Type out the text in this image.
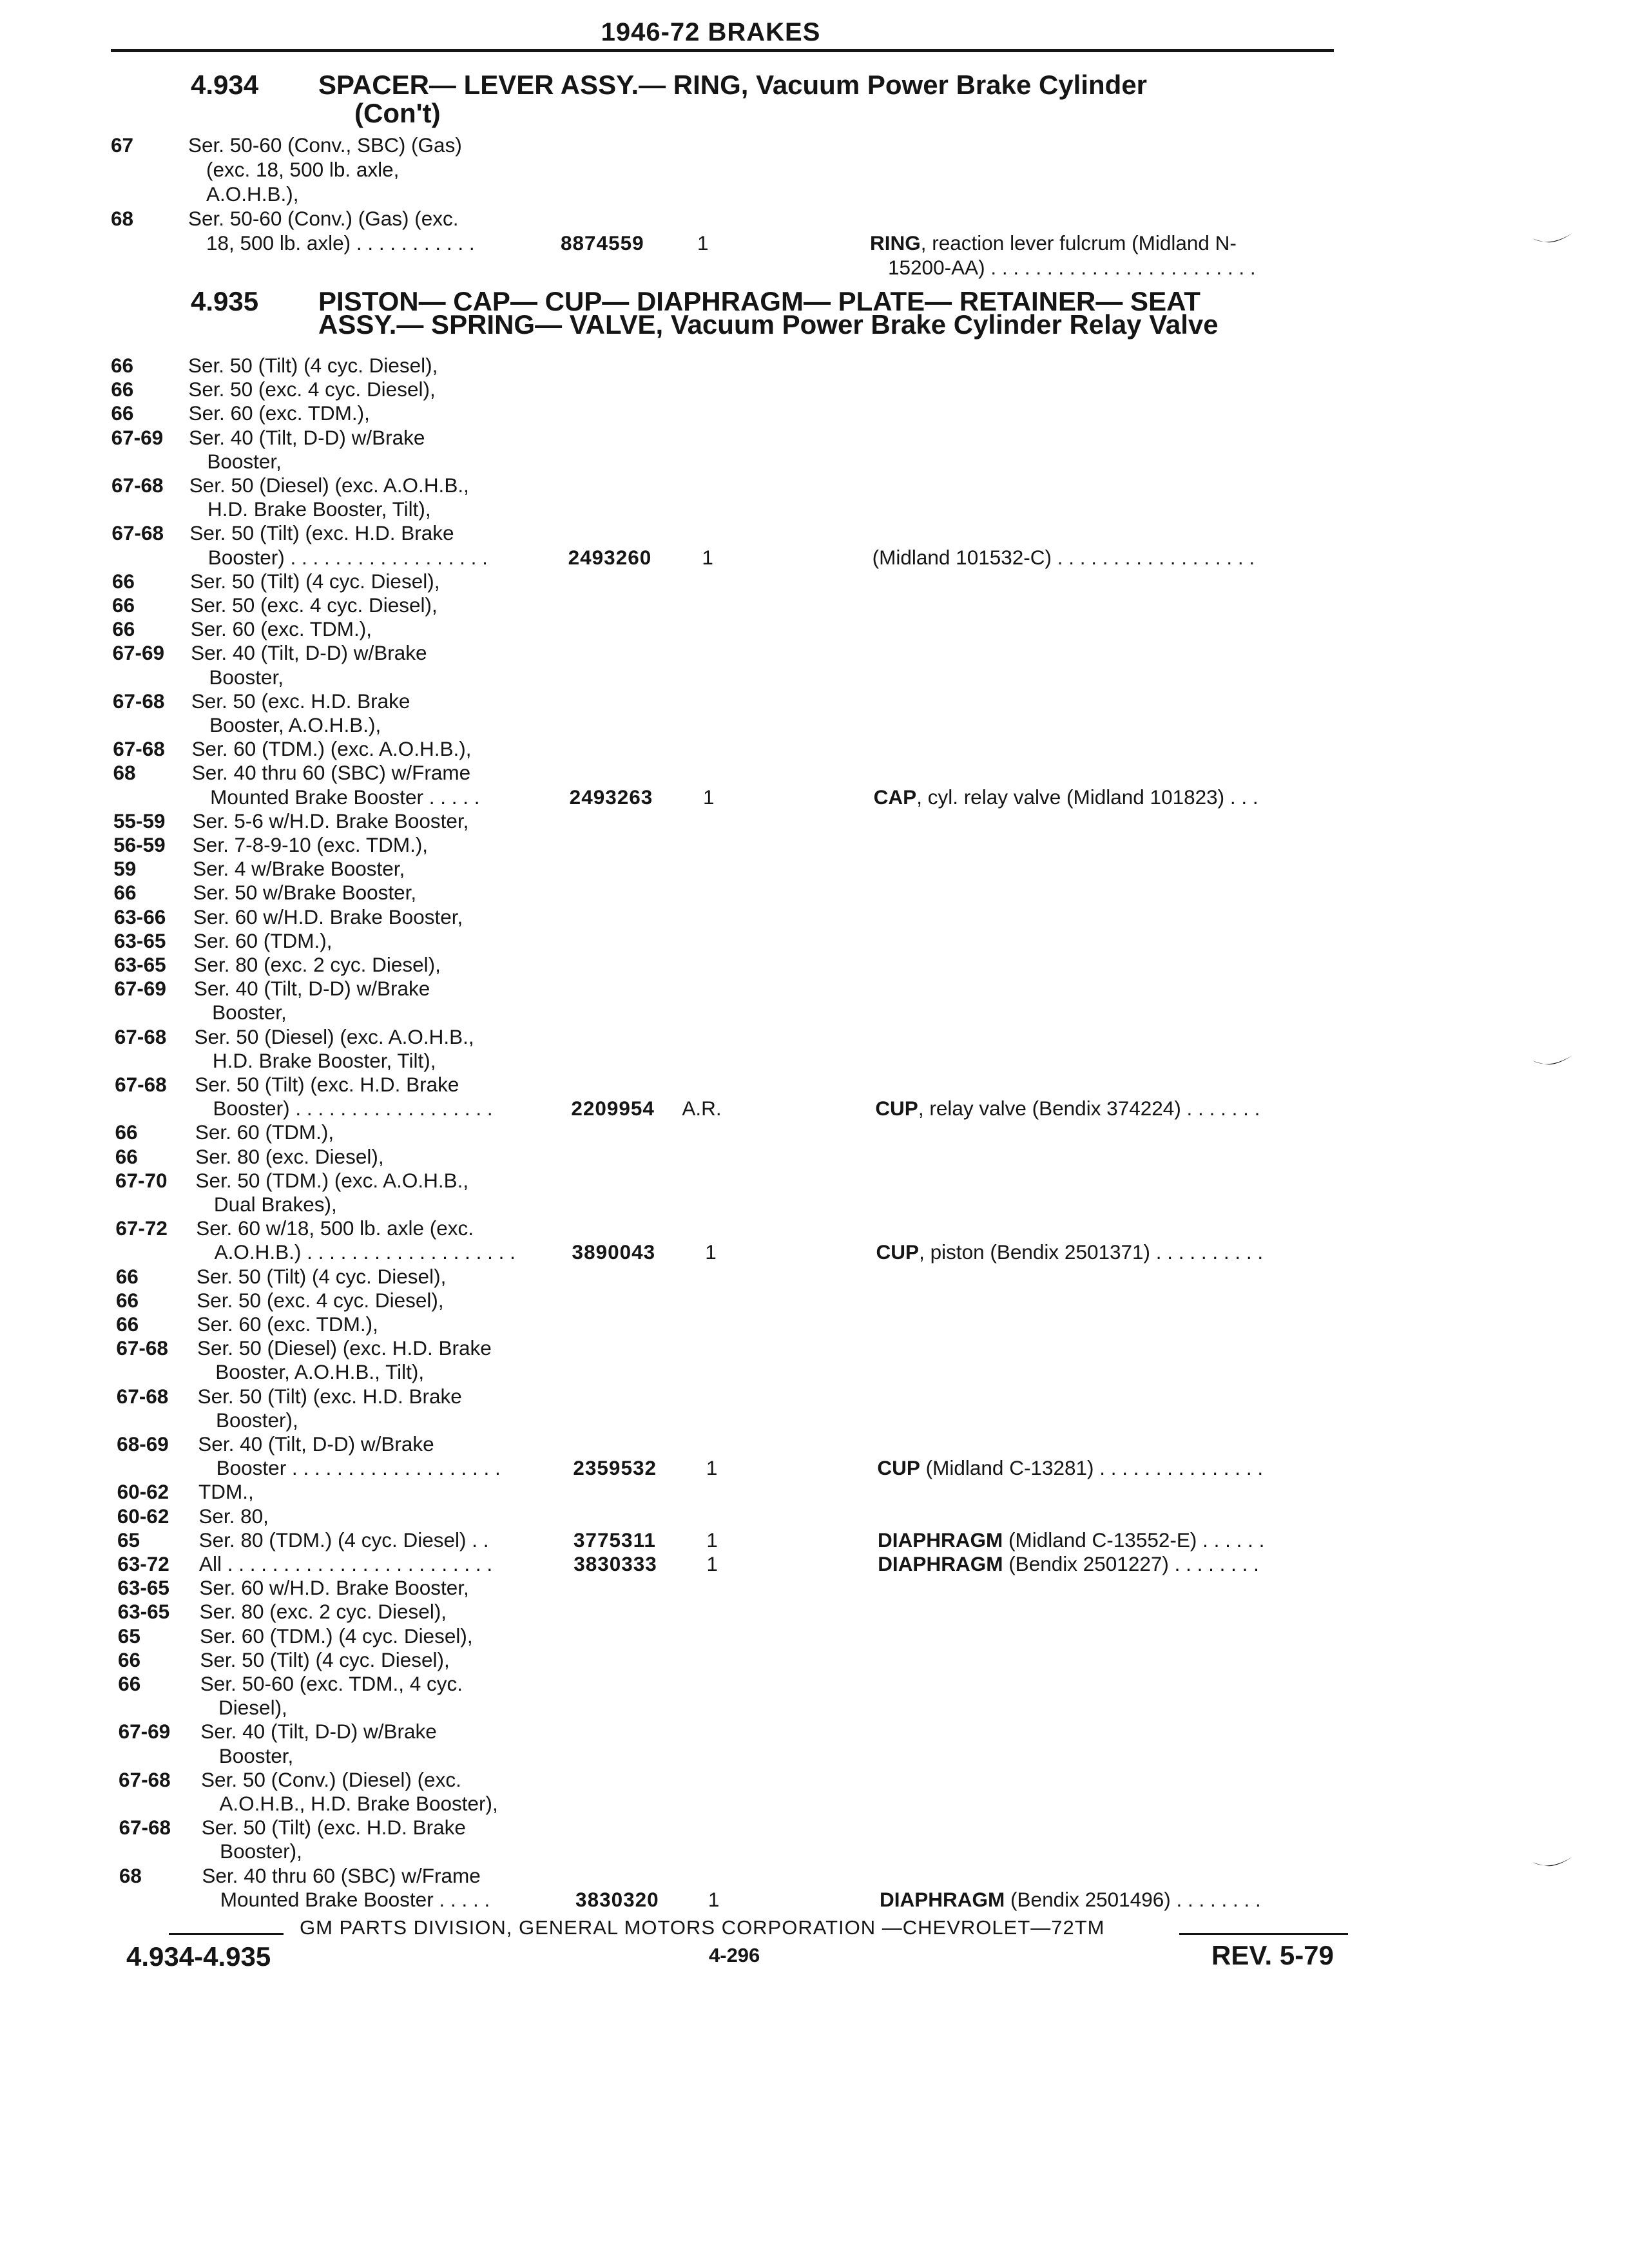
1946-72 BRAKES
4.934 SPACER— LEVER ASSY.— RING, Vacuum Power Brake Cylinder
(Con't)
4.935 PISTON— CAP— CUP— DIAPHRAGM— PLATE— RETAINER— SEAT
ASSY.— SPRING— VALVE, Vacuum Power Brake Cylinder Relay Valve
67	Ser. 50-60 (Conv., SBC) (Gas)
(exc. 18, 500 lb. axle,
A.O.H.B.),
68	Ser. 50-60 (Conv.) (Gas) (exc.
18, 500 lb. axle) . . . . . . . . . . .	8874559	1	RING, reaction lever fulcrum (Midland N-
15200-AA) . . . . . . . . . . . . . . . . . . . . . . . .
66	Ser. 50 (Tilt) (4 cyc. Diesel),
66	Ser. 50 (exc. 4 cyc. Diesel),
66	Ser. 60 (exc. TDM.),
67-69 Ser. 40 (Tilt, D-D) w/Brake
Booster,
67-68 Ser. 50 (Diesel) (exc. A.O.H.B.,
H.D. Brake Booster, Tilt),
67-68 Ser. 50 (Tilt) (exc. H.D. Brake
Booster) . . . . . . . . . . . . . . . . . .	2493260 1	(Midland 101532-C) . . . . . . . . . . . . . . . . . .
66	Ser. 50 (Tilt) (4 cyc. Diesel),
66	Ser. 50 (exc. 4 cyc. Diesel),
66	Ser. 60 (exc. TDM.),
67-69 Ser. 40 (Tilt, D-D) w/Brake
Booster,
67-68 Ser. 50 (exc. H.D. Brake
Booster, A.O.H.B.),
67-68 Ser. 60 (TDM.) (exc. A.O.H.B.),
68	Ser. 40 thru 60 (SBC) w/Frame
Mounted Brake Booster . . . . .	2493263 1	CAP, cyl. relay valve (Midland 101823) . . .
55-59 Ser. 5-6 w/H.D. Brake Booster,
56-59 Ser. 7-8-9-10 (exc. TDM.),
59	Ser. 4 w/Brake Booster,
66	Ser. 50 w/Brake Booster,
63-66 Ser. 60 w/H.D. Brake Booster,
63-65 Ser. 60 (TDM.),
63-65 Ser. 80 (exc. 2 cyc. Diesel),
67-69 Ser. 40 (Tilt, D-D) w/Brake
Booster,
67-68 Ser. 50 (Diesel) (exc. A.O.H.B.,
H.D. Brake Booster, Tilt),
67-68 Ser. 50 (Tilt) (exc. H.D. Brake
Booster) . . . . . . . . . . . . . . . . . .	2209954 A.R.	CUP, relay valve (Bendix 374224) . . . . . . .
66	Ser. 60 (TDM.),
66	Ser. 80 (exc. Diesel),
67-70 Ser. 50 (TDM.) (exc. A.O.H.B.,
Dual Brakes),
67-72 Ser. 60 w/18, 500 lb. axle (exc.
A.O.H.B.) . . . . . . . . . . . . . . . . . . .	3890043 1	CUP, piston (Bendix 2501371) . . . . . . . . . .
66	Ser. 50 (Tilt) (4 cyc. Diesel),
66	Ser. 50 (exc. 4 cyc. Diesel),
66	Ser. 60 (exc. TDM.),
67-68 Ser. 50 (Diesel) (exc. H.D. Brake
Booster, A.O.H.B., Tilt),
67-68 Ser. 50 (Tilt) (exc. H.D. Brake
Booster),
68-69 Ser. 40 (Tilt, D-D) w/Brake
Booster . . . . . . . . . . . . . . . . . . .	2359532 1	CUP (Midland C-13281) . . . . . . . . . . . . . . .
60-62 TDM.,
60-62 Ser. 80,
65	Ser. 80 (TDM.) (4 cyc. Diesel) . .	3775311 1	DIAPHRAGM (Midland C-13552-E) . . . . . .
63-72 All . . . . . . . . . . . . . . . . . . . . . . . .	3830333 1	DIAPHRAGM (Bendix 2501227) . . . . . . . .
63-65 Ser. 60 w/H.D. Brake Booster,
63-65 Ser. 80 (exc. 2 cyc. Diesel),
65	Ser. 60 (TDM.) (4 cyc. Diesel),
66	Ser. 50 (Tilt) (4 cyc. Diesel),
66	Ser. 50-60 (exc. TDM., 4 cyc.
Diesel),
67-69 Ser. 40 (Tilt, D-D) w/Brake
Booster,
67-68 Ser. 50 (Conv.) (Diesel) (exc.
A.O.H.B., H.D. Brake Booster),
67-68 Ser. 50 (Tilt) (exc. H.D. Brake
Booster),
68	Ser. 40 thru 60 (SBC) w/Frame
Mounted Brake Booster . . . . .	3830320 1	DIAPHRAGM (Bendix 2501496) . . . . . . . .
GM PARTS DIVISION, GENERAL MOTORS CORPORATION —CHEVROLET—72TM
4.934-4.935	4-296	REV. 5-79
